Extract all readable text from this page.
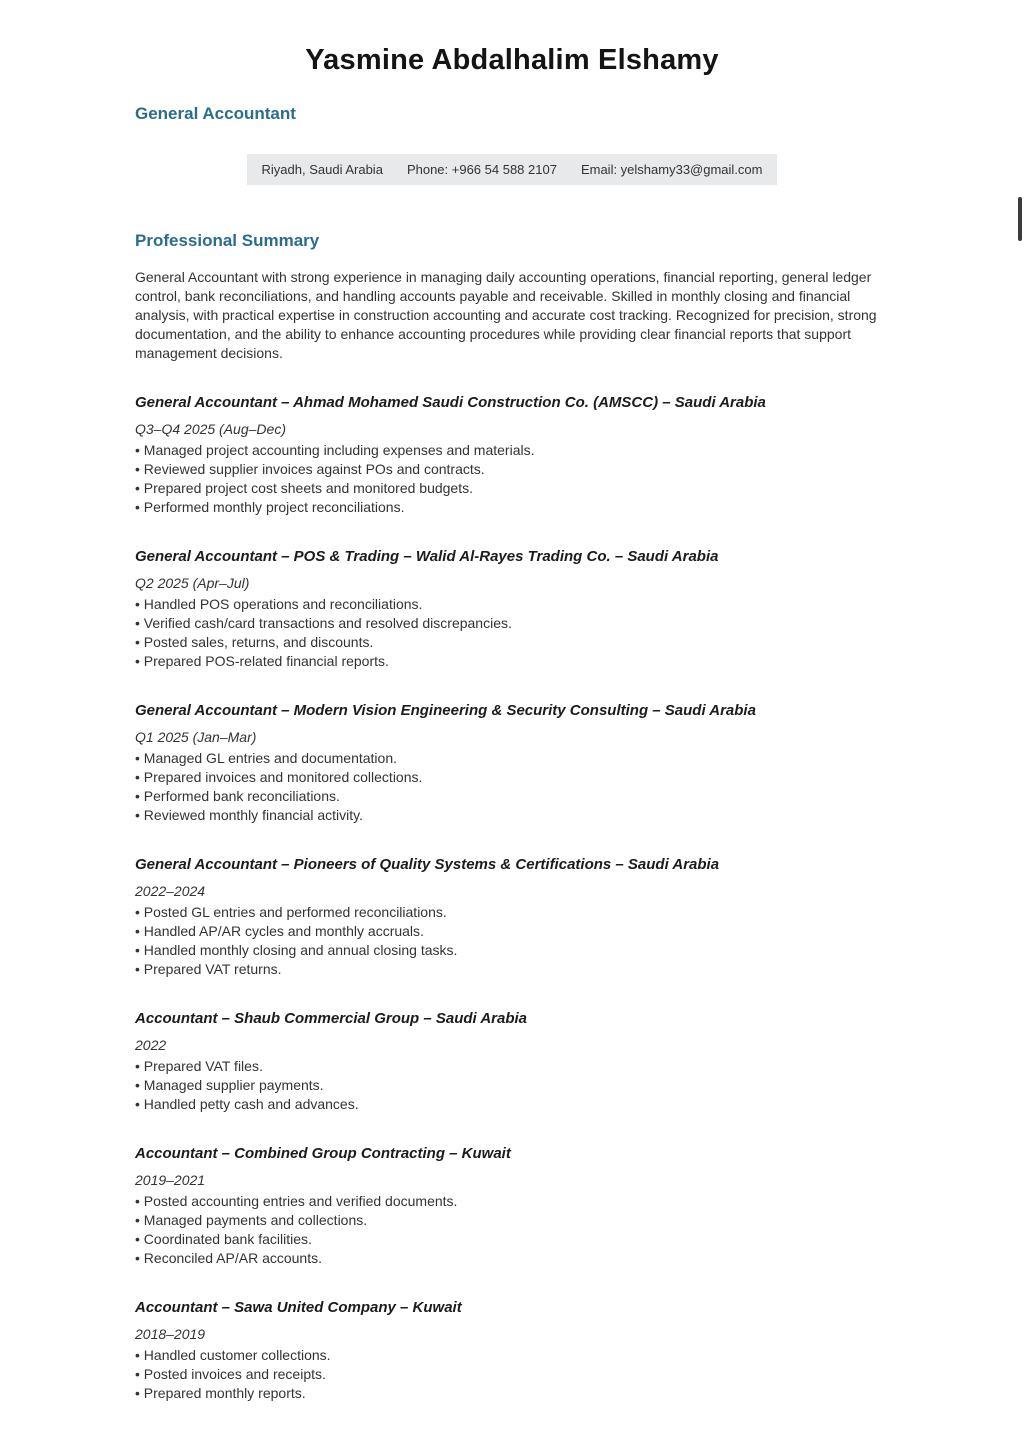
Yasmine Abdalhalim Elshamy
General Accountant
Riyadh, Saudi Arabia Phone: +966 54 588 2107 Email: yelshamy33@gmail.com
Professional Summary

General Accountant with strong experience in managing daily accounting operations, financial reporting, general ledger control, bank reconciliations, and handling accounts payable and receivable. Skilled in monthly closing and financial analysis, with practical expertise in construction accounting and accurate cost tracking. Recognized for precision, strong documentation, and the ability to enhance accounting procedures while providing clear financial reports that support management decisions.

General Accountant – Ahmad Mohamed Saudi Construction Co. (AMSCC) – Saudi Arabia
Q3–Q4 2025 (Aug–Dec)
• Managed project accounting including expenses and materials.
• Reviewed supplier invoices against POs and contracts.
• Prepared project cost sheets and monitored budgets.
• Performed monthly project reconciliations.
General Accountant – POS & Trading – Walid Al-Rayes Trading Co. – Saudi Arabia
Q2 2025 (Apr–Jul)
• Handled POS operations and reconciliations.
• Verified cash/card transactions and resolved discrepancies.
• Posted sales, returns, and discounts.
• Prepared POS-related financial reports.
General Accountant – Modern Vision Engineering & Security Consulting – Saudi Arabia
Q1 2025 (Jan–Mar)
• Managed GL entries and documentation.
• Prepared invoices and monitored collections.
• Performed bank reconciliations.
• Reviewed monthly financial activity.
General Accountant – Pioneers of Quality Systems & Certifications – Saudi Arabia
2022–2024
• Posted GL entries and performed reconciliations.
• Handled AP/AR cycles and monthly accruals.
• Handled monthly closing and annual closing tasks.
• Prepared VAT returns.
Accountant – Shaub Commercial Group – Saudi Arabia
2022
• Prepared VAT files.
• Managed supplier payments.
• Handled petty cash and advances.
Accountant – Combined Group Contracting – Kuwait
2019–2021
• Posted accounting entries and verified documents.
• Managed payments and collections.
• Coordinated bank facilities.
• Reconciled AP/AR accounts.
Accountant – Sawa United Company – Kuwait
2018–2019
• Handled customer collections.
• Posted invoices and receipts.
• Prepared monthly reports.
